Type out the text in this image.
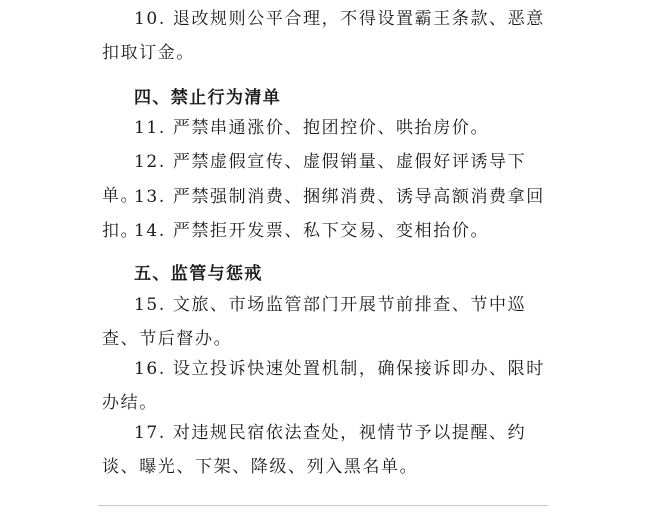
10. 退改规则公平合理，不得设置霸王条款、恶意扣取订金。

四、禁止行为清单

11. 严禁串通涨价、抱团控价、哄抬房价。

12. 严禁虚假宣传、虚假销量、虚假好评诱导下单。

13. 严禁强制消费、捆绑消费、诱导高额消费拿回扣。

14. 严禁拒开发票、私下交易、变相抬价。

五、监管与惩戒

15. 文旅、市场监管部门开展节前排查、节中巡查、节后督办。

16. 设立投诉快速处置机制，确保接诉即办、限时办结。

17. 对违规民宿依法查处，视情节予以提醒、约谈、曝光、下架、降级、列入黑名单。
